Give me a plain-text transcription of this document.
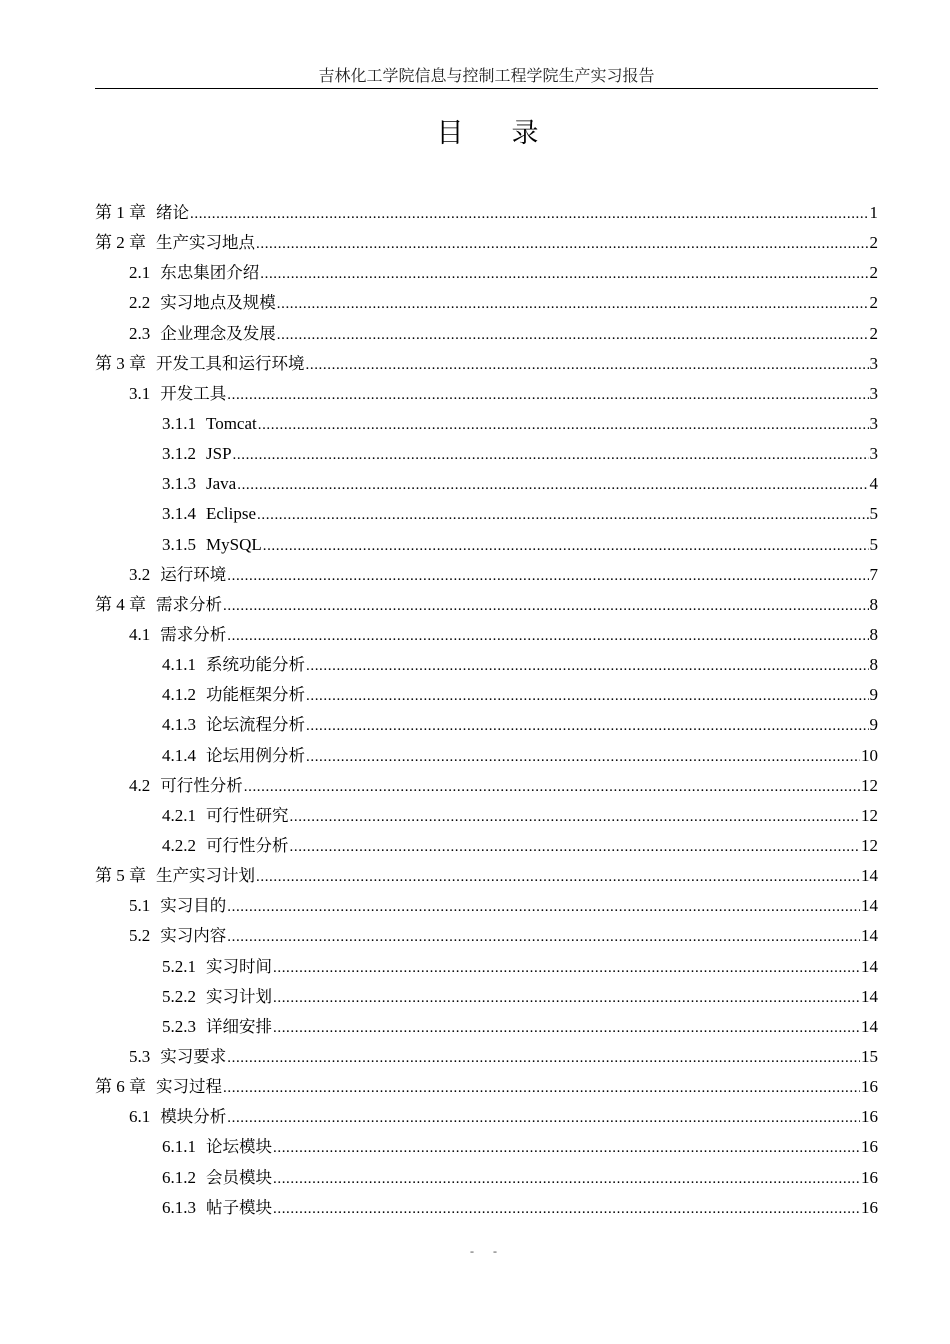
吉林化工学院信息与控制工程学院生产实习报告
目 录
第 1 章 绪论 .....	1
第 2 章 生产实习地点 .....	2
2.1 东忠集团介绍 .....	2
2.2 实习地点及规模 .....	2
2.3 企业理念及发展 .....	2
第 3 章 开发工具和运行环境 .....	3
3.1 开发工具 .....	3
3.1.1 Tomcat .....	3
3.1.2 JSP .....	3
3.1.3 Java .....	4
3.1.4 Eclipse .....	5
3.1.5 MySQL .....	5
3.2 运行环境 .....	7
第 4 章 需求分析 .....	8
4.1 需求分析 .....	8
4.1.1 系统功能分析 .....	8
4.1.2 功能框架分析 .....	9
4.1.3 论坛流程分析 .....	9
4.1.4 论坛用例分析 .....	10
4.2 可行性分析 .....	12
4.2.1 可行性研究 .....	12
4.2.2 可行性分析 .....	12
第 5 章 生产实习计划 .....	14
5.1 实习目的 .....	14
5.2 实习内容 .....	14
5.2.1 实习时间 .....	14
5.2.2 实习计划 .....	14
5.2.3 详细安排 .....	14
5.3 实习要求 .....	15
第 6 章 实习过程 .....	16
6.1 模块分析 .....	16
6.1.1 论坛模块 .....	16
6.1.2 会员模块 .....	16
6.1.3 帖子模块 .....	16
- -
